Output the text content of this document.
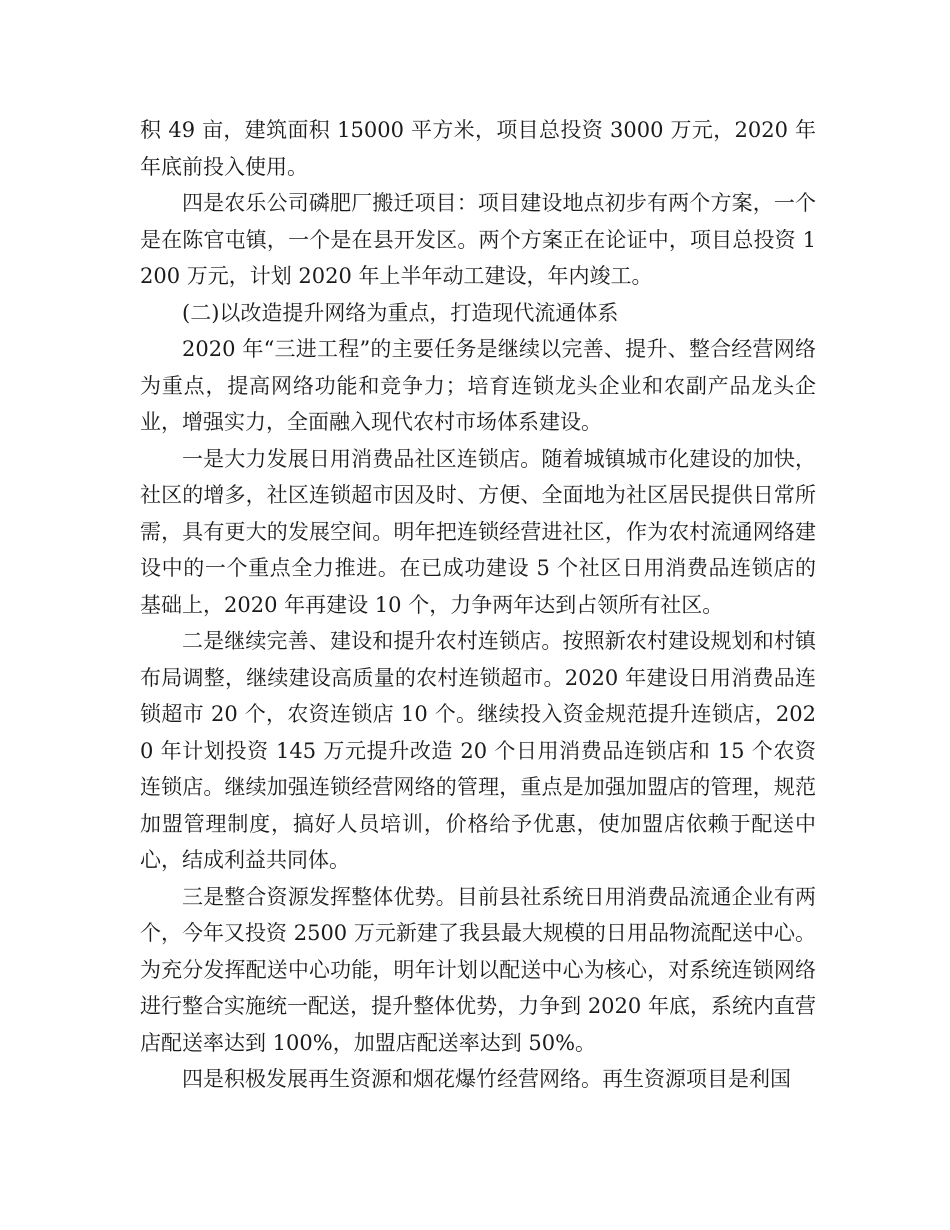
积 49 亩，建筑面积 15000 平方米，项目总投资 3000 万元，2020 年年底前投入使用。

四是农乐公司磷肥厂搬迁项目：项目建设地点初步有两个方案，一个是在陈官屯镇，一个是在县开发区。两个方案正在论证中，项目总投资 1200 万元，计划 2020 年上半年动工建设，年内竣工。

(二)以改造提升网络为重点，打造现代流通体系

2020 年“三进工程”的主要任务是继续以完善、提升、整合经营网络为重点，提高网络功能和竞争力；培育连锁龙头企业和农副产品龙头企业，增强实力，全面融入现代农村市场体系建设。

一是大力发展日用消费品社区连锁店。随着城镇城市化建设的加快，社区的增多，社区连锁超市因及时、方便、全面地为社区居民提供日常所需，具有更大的发展空间。明年把连锁经营进社区，作为农村流通网络建设中的一个重点全力推进。在已成功建设 5 个社区日用消费品连锁店的基础上，2020 年再建设 10 个，力争两年达到占领所有社区。

二是继续完善、建设和提升农村连锁店。按照新农村建设规划和村镇布局调整，继续建设高质量的农村连锁超市。2020 年建设日用消费品连锁超市 20 个，农资连锁店 10 个。继续投入资金规范提升连锁店，2020 年计划投资 145 万元提升改造 20 个日用消费品连锁店和 15 个农资连锁店。继续加强连锁经营网络的管理，重点是加强加盟店的管理，规范加盟管理制度，搞好人员培训，价格给予优惠，使加盟店依赖于配送中心，结成利益共同体。

三是整合资源发挥整体优势。目前县社系统日用消费品流通企业有两个，今年又投资 2500 万元新建了我县最大规模的日用品物流配送中心。为充分发挥配送中心功能，明年计划以配送中心为核心，对系统连锁网络进行整合实施统一配送，提升整体优势，力争到 2020 年底，系统内直营店配送率达到 100%，加盟店配送率达到 50%。

四是积极发展再生资源和烟花爆竹经营网络。再生资源项目是利国
